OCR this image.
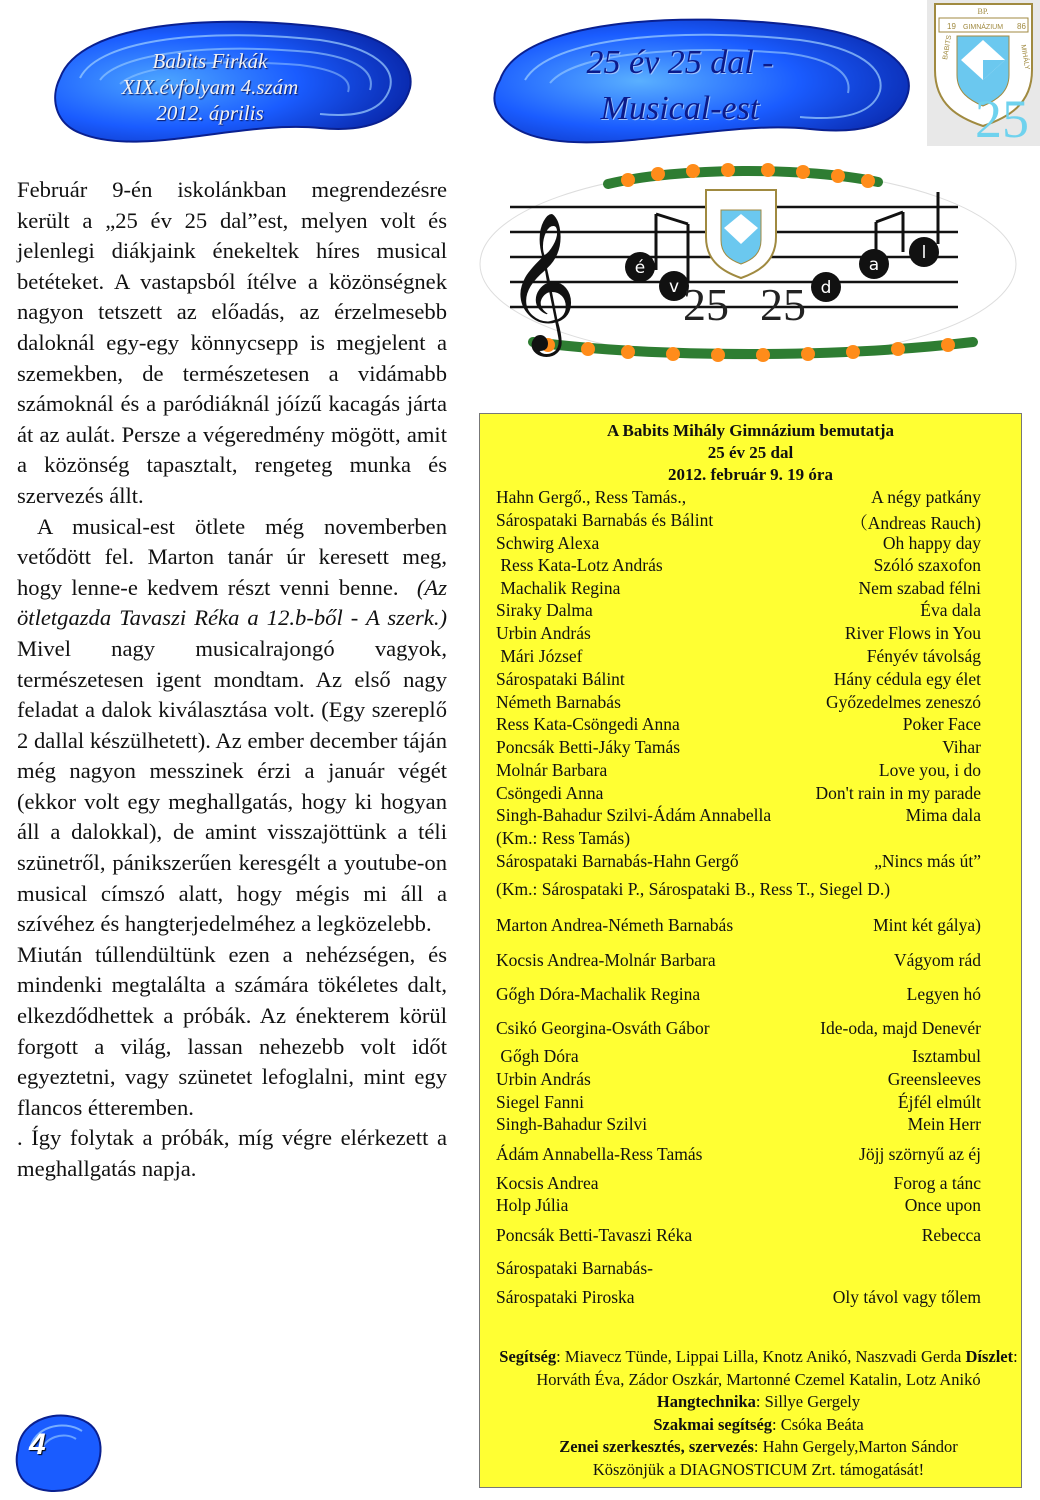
Babits Firkák
XIX.évfolyam 4.szám
2012. április
25 év 25 dal -
Musical-est
BP.
19 GIMNÁZIUM 86
BABITS	MIHÁLY
25
𝄞	é
v	d
a
l
25 25

Február 9-én iskolánkban megrendezésre került a „25 év 25 dal”est, melyen volt és jelenlegi diákjaink énekeltek híres musical betéteket. A vastapsból ítélve a közönségnek nagyon tetszett az előadás, az érzelmesebb daloknál egy-egy könnycsepp is megjelent a szemekben, de természetesen a vidámabb számoknál és a paródiáknál jóízű kacagás járta át az aulát. Persze a végeredmény mögött, amit a közönség tapasztalt, rengeteg munka és szervezés állt.

A musical-est ötlete még novemberben vetődött fel. Marton tanár úr keresett meg, hogy lenne-e kedvem részt venni benne. (Az ötletgazda Tavaszi Réka a 12.b-ből - A szerk.) Mivel nagy musicalrajongó vagyok, természetesen igent mondtam. Az első nagy feladat a dalok kiválasztása volt. (Egy szereplő 2 dallal készülhetett). Az ember december táján még nagyon messzinek érzi a január végét (ekkor volt egy meghallgatás, hogy ki hogyan áll a dalokkal), de amint visszajöttünk a téli szünetről, pánikszerűen keresgélt a youtube-on musical címszó alatt, hogy mégis mi áll a szívéhez és hangterjedelméhez a legközelebb.

Miután túllendültünk ezen a nehézségen, és mindenki megtalálta a számára tökéletes dalt, elkezdődhettek a próbák. Az énekterem körül forgott a világ, lassan nehezebb volt időt egyeztetni, vagy szünetet lefoglalni, mint egy flancos étteremben.

. Így folytak a próbák, míg végre elérkezett a meghallgatás napja.

A Babits Mihály Gimnázium bemutatja
25 év 25 dal
2012. február 9. 19 óra
Hahn Gergő., Ress Tamás.,	A négy patkány
Sárospataki Barnabás és Bálint	（Andreas Rauch)
Schwirg Alexa	Oh happy day
Ress Kata-Lotz András	Szóló szaxofon
Machalik Regina	Nem szabad félni
Siraky Dalma	Éva dala
Urbin András	River Flows in You
Mári József	Fényév távolság
Sárospataki Bálint	Hány cédula egy élet
Németh Barnabás	Győzedelmes zeneszó
Ress Kata-Csöngedi Anna	Poker Face
Poncsák Betti-Jáky Tamás	Vihar
Molnár Barbara	Love you, i do
Csöngedi Anna	Don't rain in my parade
Singh-Bahadur Szilvi-Ádám Annabella	Mima dala
(Km.: Ress Tamás)
Sárospataki Barnabás-Hahn Gergő	„Nincs más út”
(Km.: Sárospataki P., Sárospataki B., Ress T., Siegel D.)
Marton Andrea-Németh Barnabás	Mint két gálya)
Kocsis Andrea-Molnár Barbara	Vágyom rád
Gőgh Dóra-Machalik Regina	Legyen hó
Csikó Georgina-Osváth Gábor	Ide-oda, majd Denevér
Gőgh Dóra	Isztambul
Urbin András	Greensleeves
Siegel Fanni	Éjfél elmúlt
Singh-Bahadur Szilvi	Mein Herr
Ádám Annabella-Ress Tamás	Jöjj szörnyű az éj
Kocsis Andrea	Forog a tánc
Holp Júlia	Once upon
Poncsák Betti-Tavaszi Réka	Rebecca
Sárospataki Barnabás-
Sárospataki Piroska	Oly távol vagy tőlem
Segítség: Miavecz Tünde, Lippai Lilla, Knotz Anikó, Naszvadi Gerda Díszlet: Horváth Éva, Zádor Oszkár, Martonné Czemel Katalin, Lotz Anikó Hangtechnika: Sillye Gergely
Szakmai segítség: Csóka Beáta
Zenei szerkesztés, szervezés: Hahn Gergely,Marton Sándor
Köszönjük a DIAGNOSTICUM Zrt. támogatását!
4
